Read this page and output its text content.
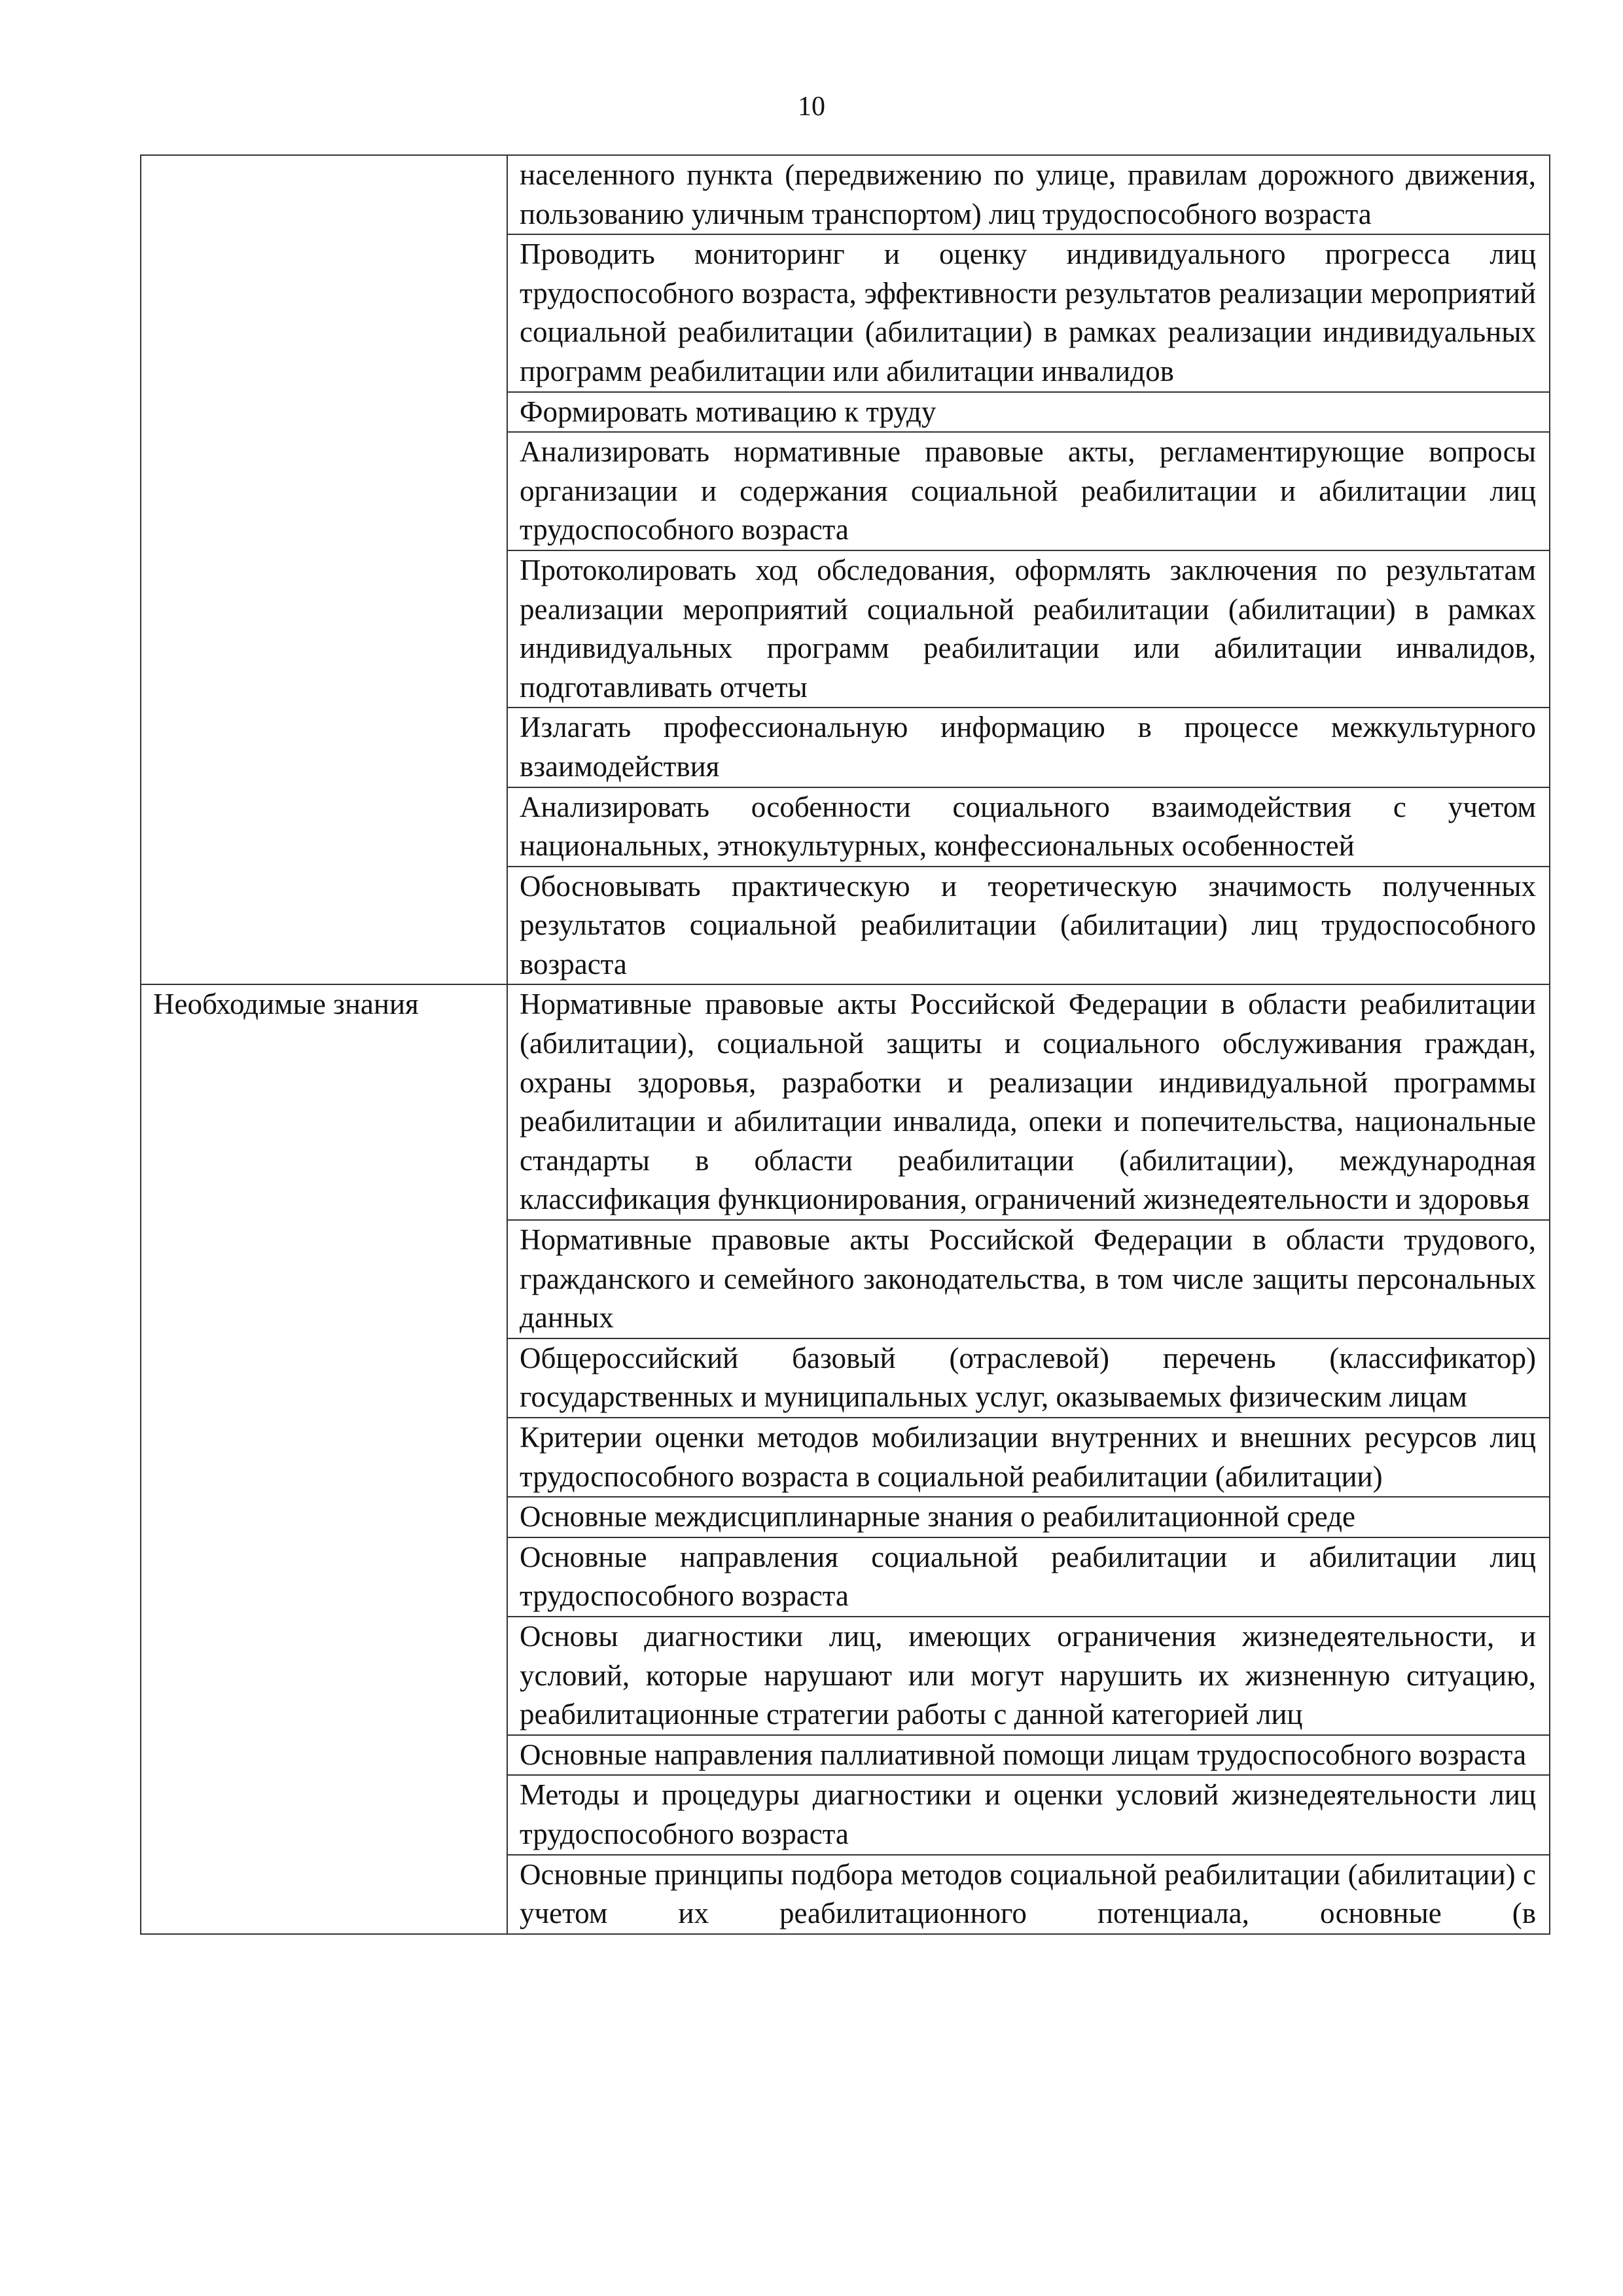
10
	населенного пункта (передвижению по улице, правилам дорожного движения, пользованию уличным транспортом) лиц трудоспособного возраста
	Проводить мониторинг и оценку индивидуального прогресса лиц трудоспособного возраста, эффективности результатов реализации мероприятий социальной реабилитации (абилитации) в рамках реализации индивидуальных программ реабилитации или абилитации инвалидов
	Формировать мотивацию к труду
	Анализировать нормативные правовые акты, регламентирующие вопросы организации и содержания социальной реабилитации и абилитации лиц трудоспособного возраста
	Протоколировать ход обследования, оформлять заключения по результатам реализации мероприятий социальной реабилитации (абилитации) в рамках индивидуальных программ реабилитации или абилитации инвалидов, подготавливать отчеты
	Излагать профессиональную информацию в процессе межкультурного взаимодействия
	Анализировать особенности социального взаимодействия с учетом национальных, этнокультурных, конфессиональных особенностей
	Обосновывать практическую и теоретическую значимость полученных результатов социальной реабилитации (абилитации) лиц трудоспособного возраста
Необходимые знания	Нормативные правовые акты Российской Федерации в области реабилитации (абилитации), социальной защиты и социального обслуживания граждан, охраны здоровья, разработки и реализации индивидуальной программы реабилитации и абилитации инвалида, опеки и попечительства, национальные стандарты в области реабилитации (абилитации), международная классификация функционирования, ограничений жизнедеятельности и здоровья
	Нормативные правовые акты Российской Федерации в области трудового, гражданского и семейного законодательства, в том числе защиты персональных данных
	Общероссийский базовый (отраслевой) перечень (классификатор) государственных и муниципальных услуг, оказываемых физическим лицам
	Критерии оценки методов мобилизации внутренних и внешних ресурсов лиц трудоспособного возраста в социальной реабилитации (абилитации)
	Основные междисциплинарные знания о реабилитационной среде
	Основные направления социальной реабилитации и абилитации лиц трудоспособного возраста
	Основы диагностики лиц, имеющих ограничения жизнедеятельности, и условий, которые нарушают или могут нарушить их жизненную ситуацию, реабилитационные стратегии работы с данной категорией лиц
	Основные направления паллиативной помощи лицам трудоспособного возраста
	Методы и процедуры диагностики и оценки условий жизнедеятельности лиц трудоспособного возраста
	Основные принципы подбора методов социальной реабилитации (абилитации) с учетом их реабилитационного потенциала, основные (в
